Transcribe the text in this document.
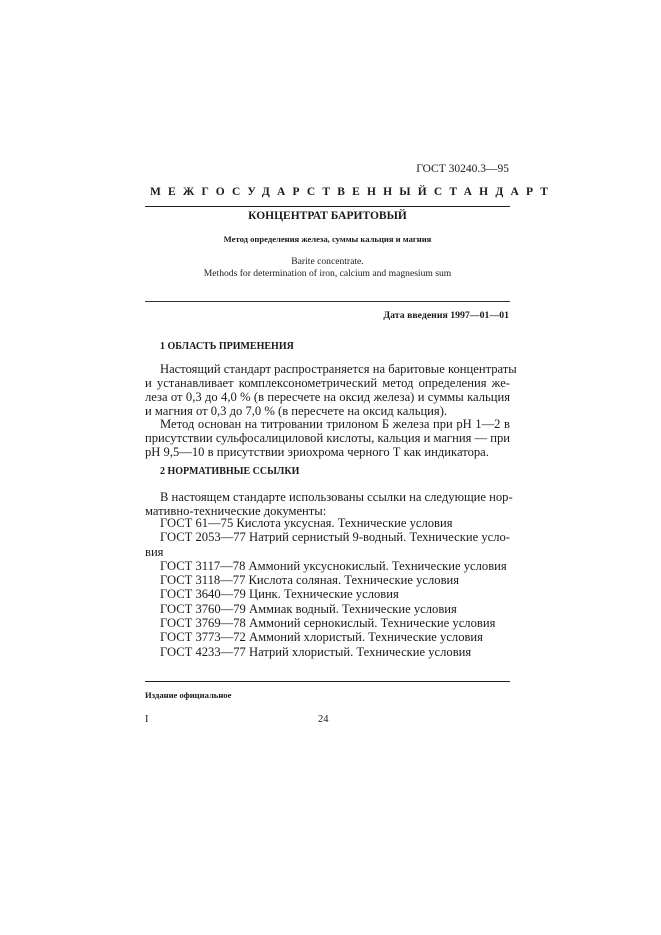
ГОСТ 30240.3—95
МЕЖГОСУДАРСТВЕННЫЙ СТАНДАРТ
КОНЦЕНТРАТ БАРИТОВЫЙ
Метод определения железа, суммы кальция и магния
Barite concentrate.
Methods for determination of iron, calcium and magnesium sum
Дата введения 1997—01—01
1 ОБЛАСТЬ ПРИМЕНЕНИЯ
Настоящий стандарт распространяется на баритовые концентраты
и устанавливает комплексонометрический метод определения же-
леза от 0,3 до 4,0 % (в пересчете на оксид железа) и суммы кальция
и магния от 0,3 до 7,0 % (в пересчете на оксид кальция).
Метод основан на титровании трилоном Б железа при рН 1—2 в
присутствии сульфосалициловой кислоты, кальция и магния — при
рН 9,5—10 в присутствии эриохрома черного Т как индикатора.
2 НОРМАТИВНЫЕ ССЫЛКИ
В настоящем стандарте использованы ссылки на следующие нор-
мативно-технические документы:
ГОСТ 61—75 Кислота уксусная. Технические условия
ГОСТ 2053—77 Натрий сернистый 9-водный. Технические усло-
вия
ГОСТ 3117—78 Аммоний уксуснокислый. Технические условия
ГОСТ 3118—77 Кислота соляная. Технические условия
ГОСТ 3640—79 Цинк. Технические условия
ГОСТ 3760—79 Аммиак водный. Технические условия
ГОСТ 3769—78 Аммоний сернокислый. Технические условия
ГОСТ 3773—72 Аммоний хлористый. Технические условия
ГОСТ 4233—77 Натрий хлористый. Технические условия
Издание официальное
I	24
